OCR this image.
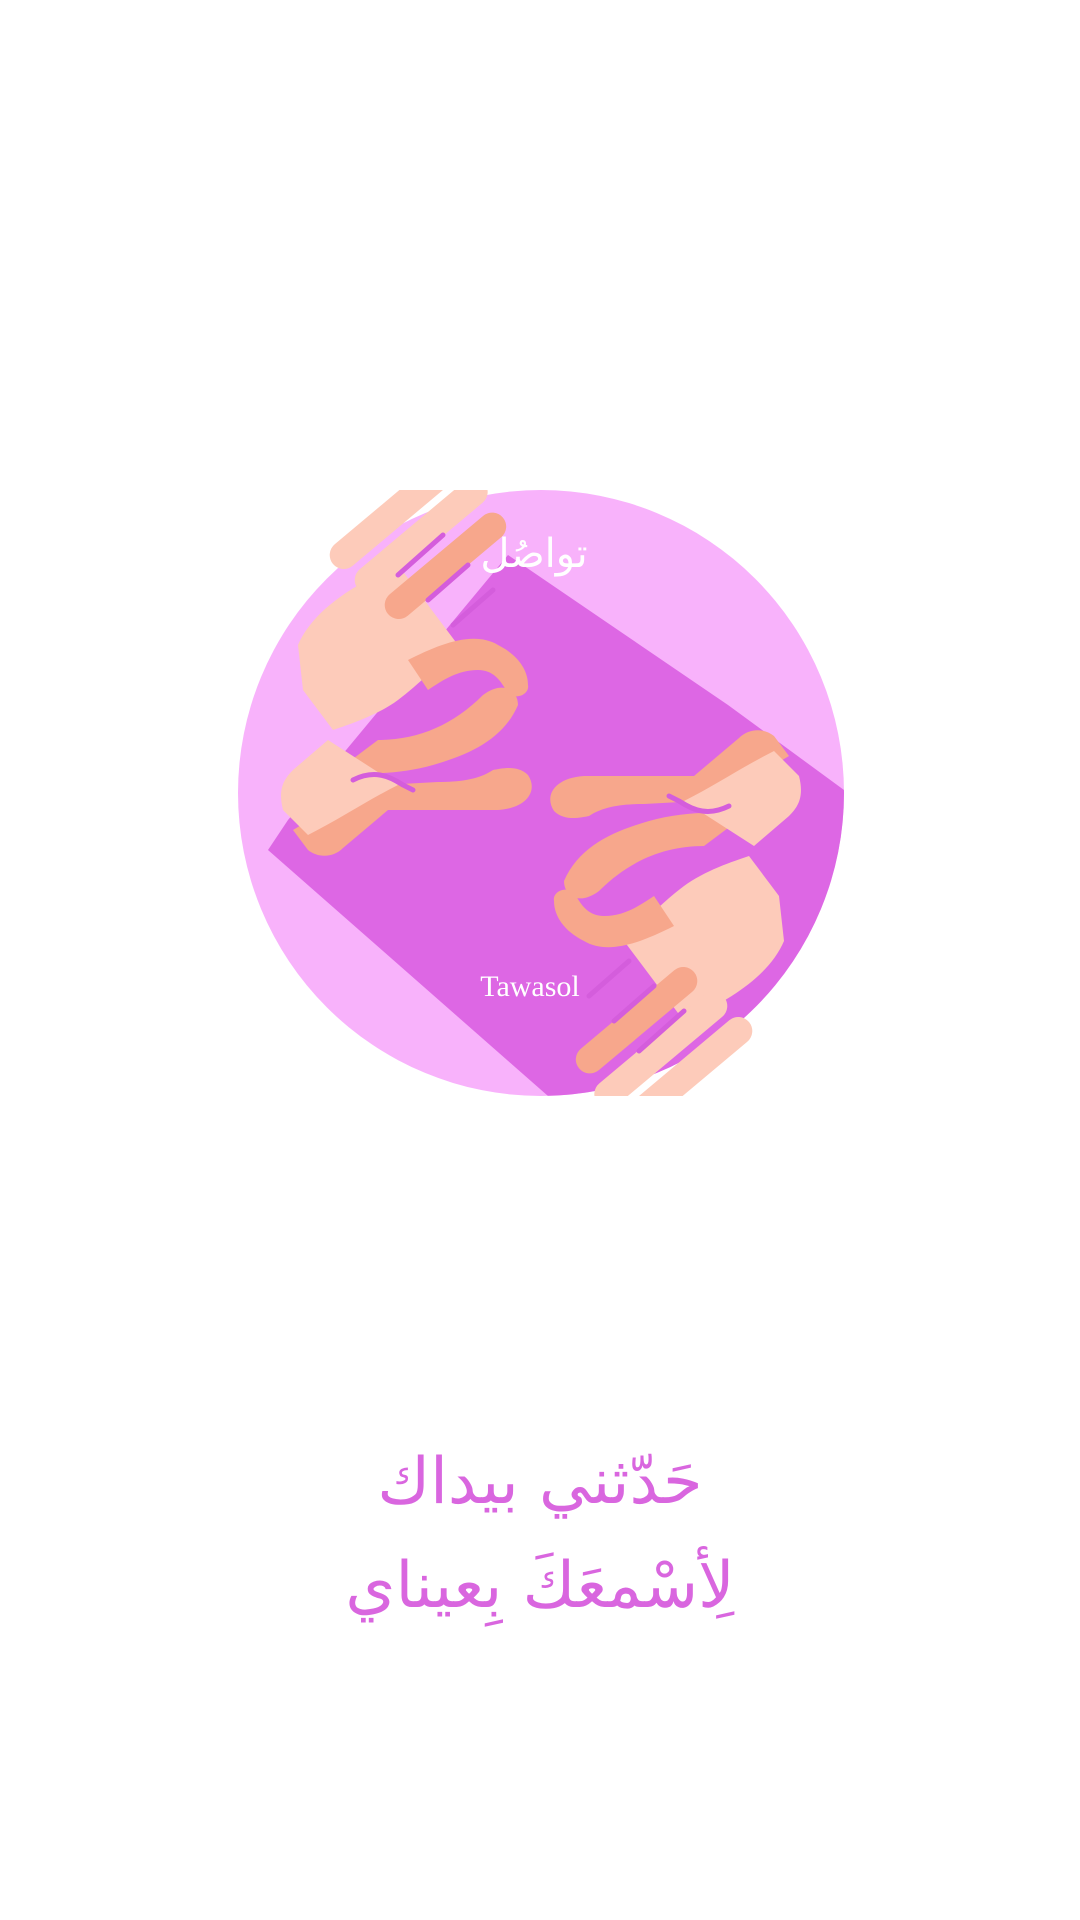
تواصُل
Tawasol
حَدّثني بيداك
لِأسْمعَكَ بِعيناي
